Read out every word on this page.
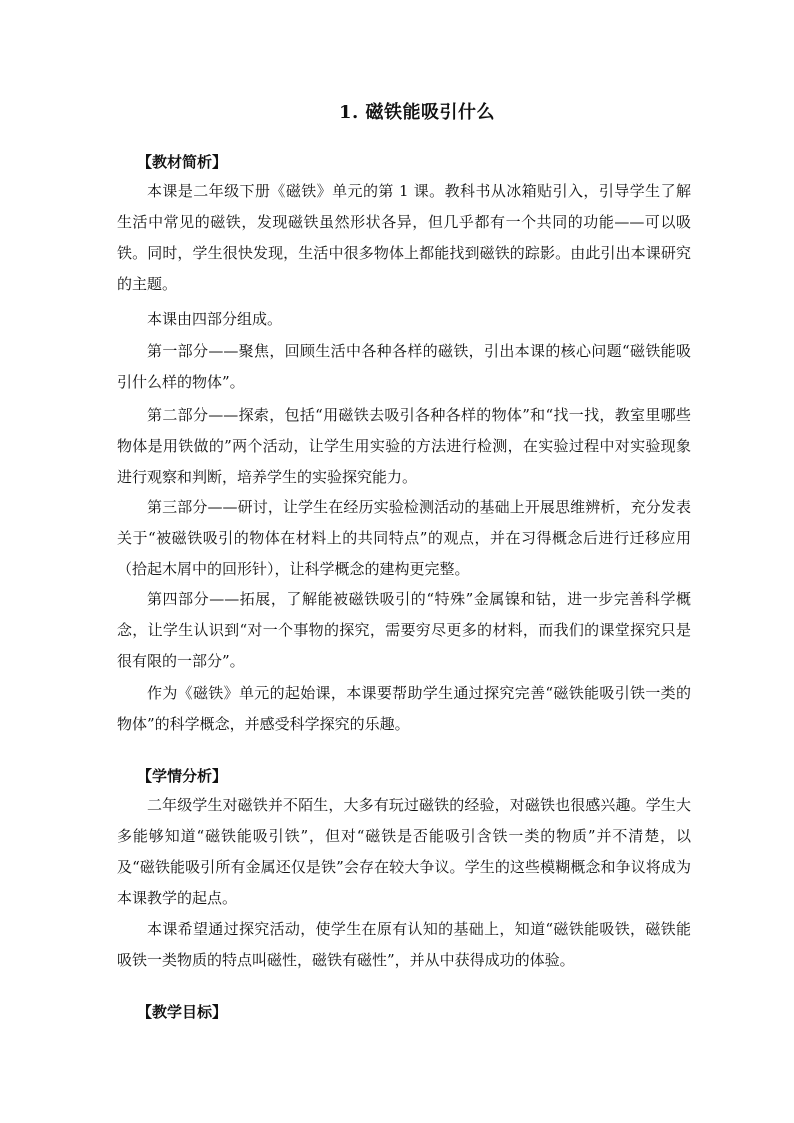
1. 磁铁能吸引什么
【教材简析】
本课是二年级下册《磁铁》单元的第 1 课。教科书从冰箱贴引入，引导学生了解生活中常见的磁铁，发现磁铁虽然形状各异，但几乎都有一个共同的功能——可以吸铁。同时，学生很快发现，生活中很多物体上都能找到磁铁的踪影。由此引出本课研究的主题。
本课由四部分组成。
第一部分——聚焦，回顾生活中各种各样的磁铁，引出本课的核心问题“磁铁能吸引什么样的物体”。
第二部分——探索，包括“用磁铁去吸引各种各样的物体”和“找一找，教室里哪些物体是用铁做的”两个活动，让学生用实验的方法进行检测，在实验过程中对实验现象进行观察和判断，培养学生的实验探究能力。
第三部分——研讨，让学生在经历实验检测活动的基础上开展思维辨析，充分发表关于“被磁铁吸引的物体在材料上的共同特点”的观点，并在习得概念后进行迁移应用（拾起木屑中的回形针），让科学概念的建构更完整。
第四部分——拓展，了解能被磁铁吸引的“特殊”金属镍和钴，进一步完善科学概念，让学生认识到“对一个事物的探究，需要穷尽更多的材料，而我们的课堂探究只是很有限的一部分”。
作为《磁铁》单元的起始课，本课要帮助学生通过探究完善“磁铁能吸引铁一类的物体”的科学概念，并感受科学探究的乐趣。
【学情分析】
二年级学生对磁铁并不陌生，大多有玩过磁铁的经验，对磁铁也很感兴趣。学生大多能够知道“磁铁能吸引铁”，但对“磁铁是否能吸引含铁一类的物质”并不清楚，以及“磁铁能吸引所有金属还仅是铁”会存在较大争议。学生的这些模糊概念和争议将成为本课教学的起点。
本课希望通过探究活动，使学生在原有认知的基础上，知道“磁铁能吸铁，磁铁能吸铁一类物质的特点叫磁性，磁铁有磁性”，并从中获得成功的体验。
【教学目标】
